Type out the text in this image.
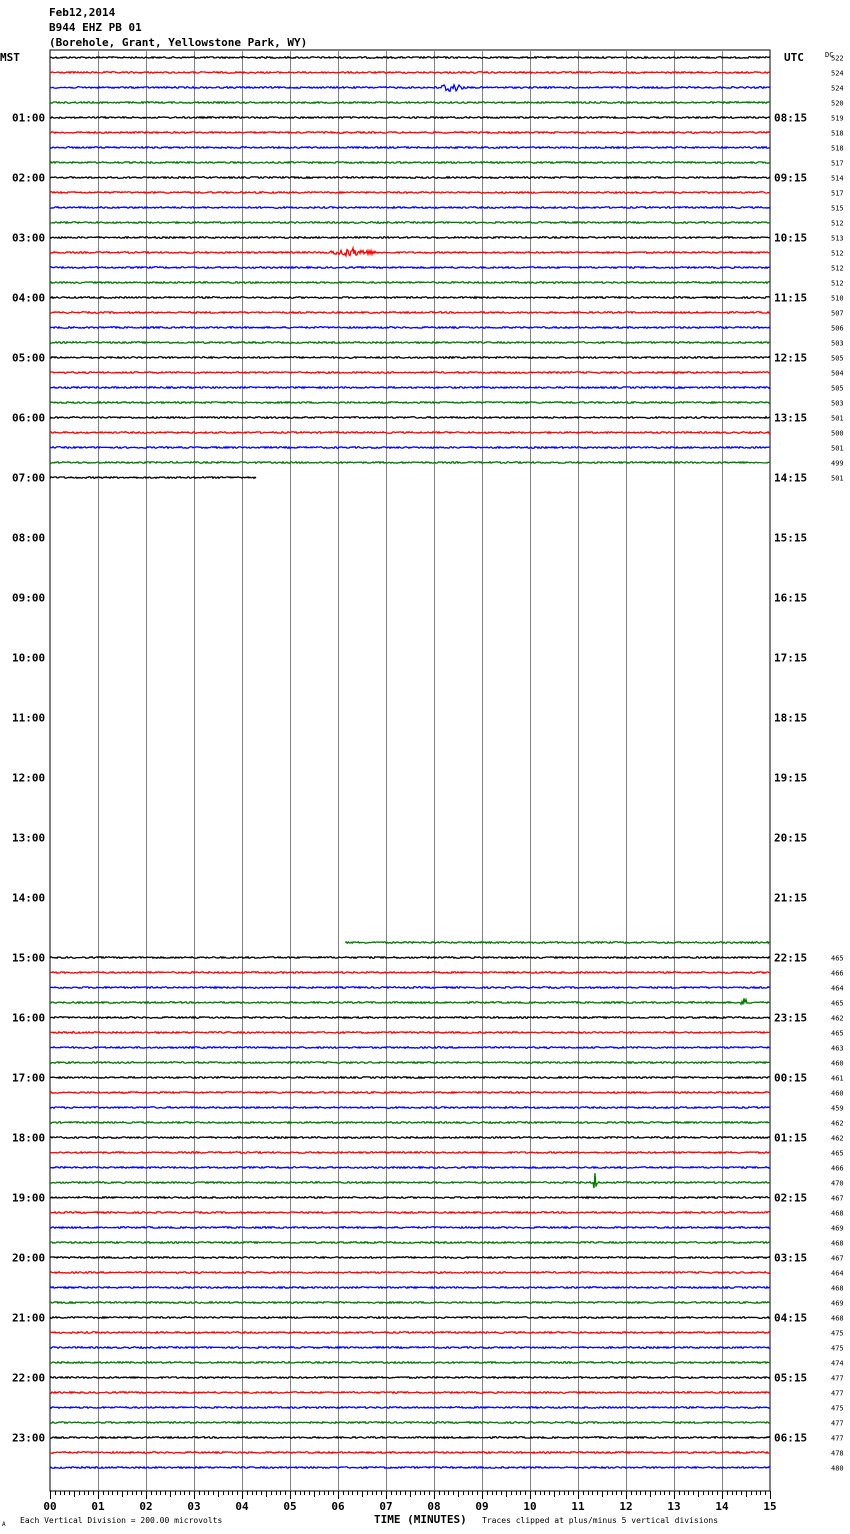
Feb12,2014
B944 EHZ PB 01
(Borehole, Grant, Yellowstone Park, WY)
MST	UTC	DC
01:00	08:15
02:00	09:15
03:00	10:15
04:00	11:15
05:00	12:15
06:00	13:15
07:00	14:15
08:00	15:15
09:00	16:15
10:00	17:15
11:00	18:15
12:00	19:15
13:00	20:15
14:00	21:15
15:00	22:15
16:00	23:15
17:00	00:15
18:00	01:15
19:00	02:15
20:00	03:15
21:00	04:15
22:00	05:15
23:00	06:15
522
524
524
520
519
518
518
517
514
517
515
512
513
512
512
512
510
507
506
503
505
504
505
503
501
500
501
499
501
465
466
464
465
462
465
463
460
461
460
459
462
462
465
466
470
467
468
469
468
467
464
468
469
468
475
475
474
477
477
475
477
477
478
480
00	01	02	03	04	05	06	07	08	09	10	11	12	13	14	15
A Each Vertical Division = 200.00 microvolts	TIME (MINUTES) Traces clipped at plus/minus 5 vertical divisions
